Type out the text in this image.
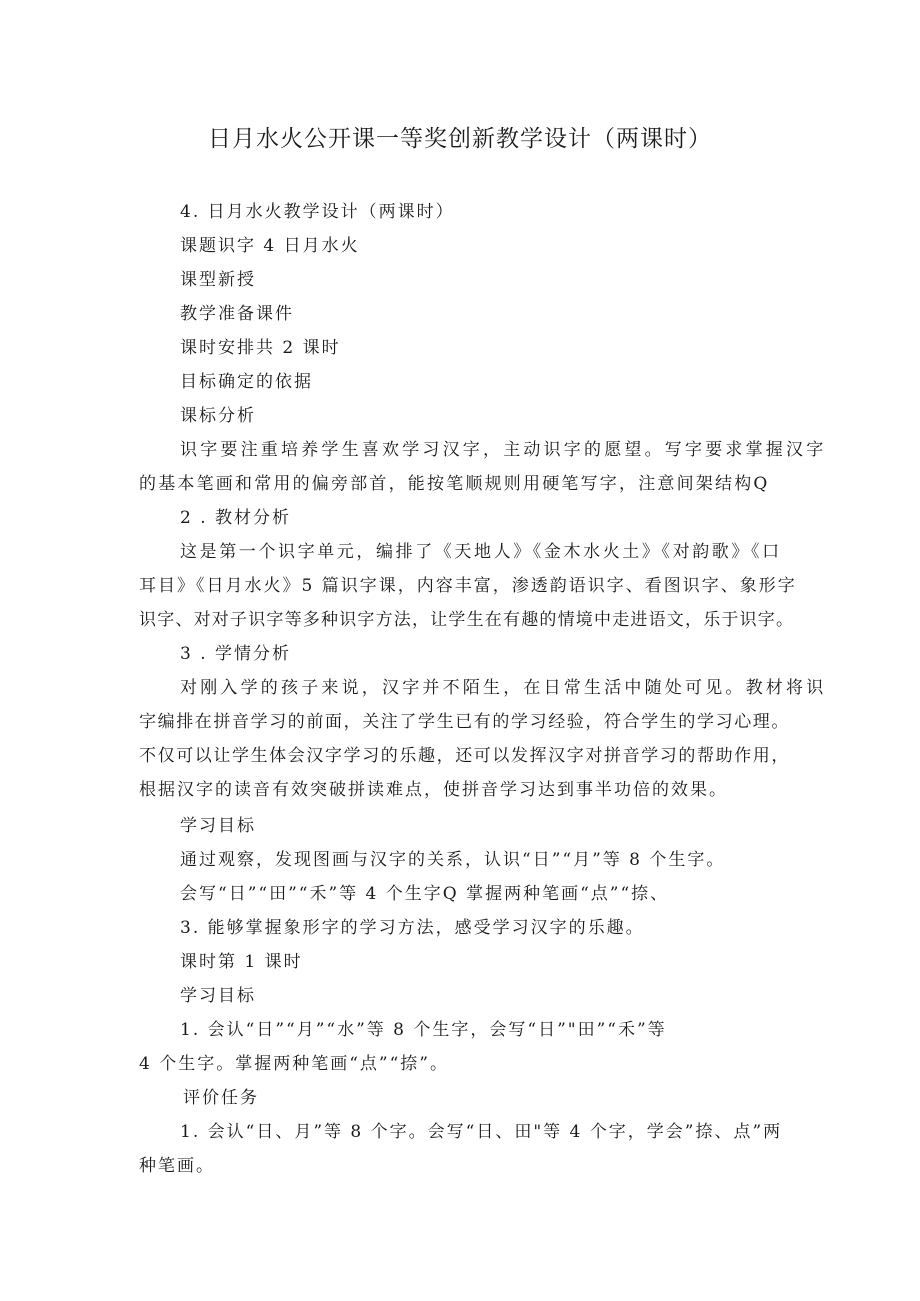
日月水火公开课一等奖创新教学设计（两课时）
4. 日月水火教学设计（两课时）
课题识字 4 日月水火
课型新授
教学准备课件
课时安排共 2 课时
目标确定的依据
课标分析
识字要注重培养学生喜欢学习汉字，主动识字的愿望。写字要求掌握汉字
的基本笔画和常用的偏旁部首，能按笔顺规则用硬笔写字，注意间架结构Q
2 . 教材分析
这是第一个识字单元，编排了《天地人》《金木水火土》《对韵歌》《口
耳目》《日月水火》5 篇识字课，内容丰富，渗透韵语识字、看图识字、象形字
识字、对对子识字等多种识字方法，让学生在有趣的情境中走进语文，乐于识字。
3 . 学情分析
对刚入学的孩子来说，汉字并不陌生，在日常生活中随处可见。教材将识
字编排在拼音学习的前面，关注了学生已有的学习经验，符合学生的学习心理。
不仅可以让学生体会汉字学习的乐趣，还可以发挥汉字对拼音学习的帮助作用，
根据汉字的读音有效突破拼读难点，使拼音学习达到事半功倍的效果。
学习目标
通过观察，发现图画与汉字的关系，认识“日”“月”等 8 个生字。
会写“日”“田”“禾”等 4 个生字Q 掌握两种笔画“点”“捺、
3. 能够掌握象形字的学习方法，感受学习汉字的乐趣。
课时第 1 课时
学习目标
1. 会认“日”“月”“水”等 8 个生字，会写“日”"田”“禾”等
4 个生字。掌握两种笔画“点”“捺”。
评价任务
1. 会认“日、月”等 8 个字。会写“日、田"等 4 个字，学会”捺、点”两
种笔画。
